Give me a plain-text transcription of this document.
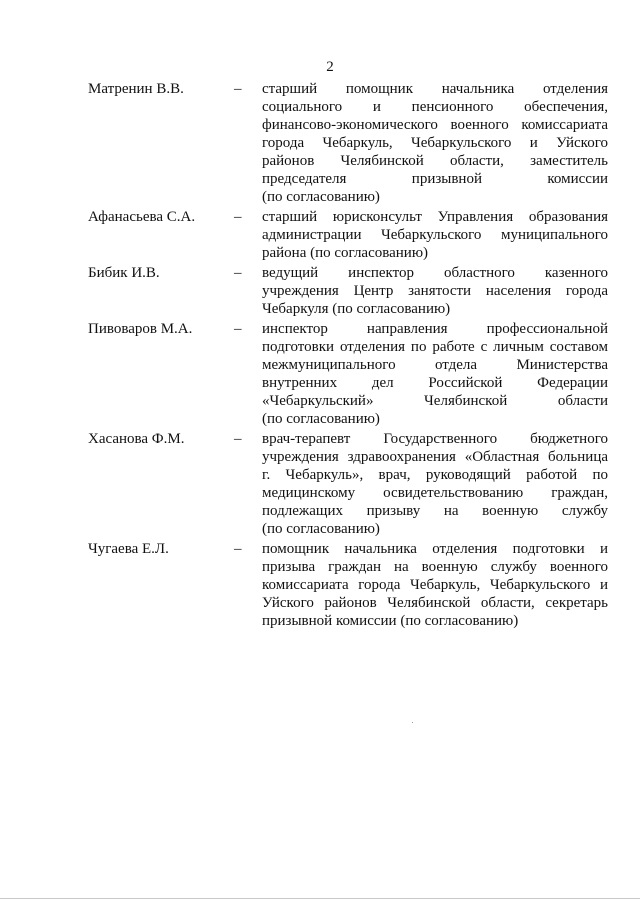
2
Матренин В.В.	–	старший помощник начальника отделения
социального и пенсионного обеспечения,
финансово-экономического военного комиссариата
города Чебаркуль, Чебаркульского и Уйского
районов Челябинской области, заместитель
председателя призывной комиссии
(по согласованию)
Афанасьева С.А.	–	старший юрисконсульт Управления образования
администрации Чебаркульского муниципального
района (по согласованию)
Бибик И.В.	–	ведущий инспектор областного казенного
учреждения Центр занятости населения города
Чебаркуля (по согласованию)
Пивоваров М.А.	–	инспектор направления профессиональной
подготовки отделения по работе с личным составом
межмуниципального отдела Министерства
внутренних дел Российской Федерации
«Чебаркульский» Челябинской области
(по согласованию)
Хасанова Ф.М.	–	врач-терапевт Государственного бюджетного
учреждения здравоохранения «Областная больница
г. Чебаркуль», врач, руководящий работой по
медицинскому освидетельствованию граждан,
подлежащих призыву на военную службу
(по согласованию)
Чугаева Е.Л.	–	помощник начальника отделения подготовки и
призыва граждан на военную службу военного
комиссариата города Чебаркуль, Чебаркульского и
Уйского районов Челябинской области, секретарь
призывной комиссии (по согласованию)
